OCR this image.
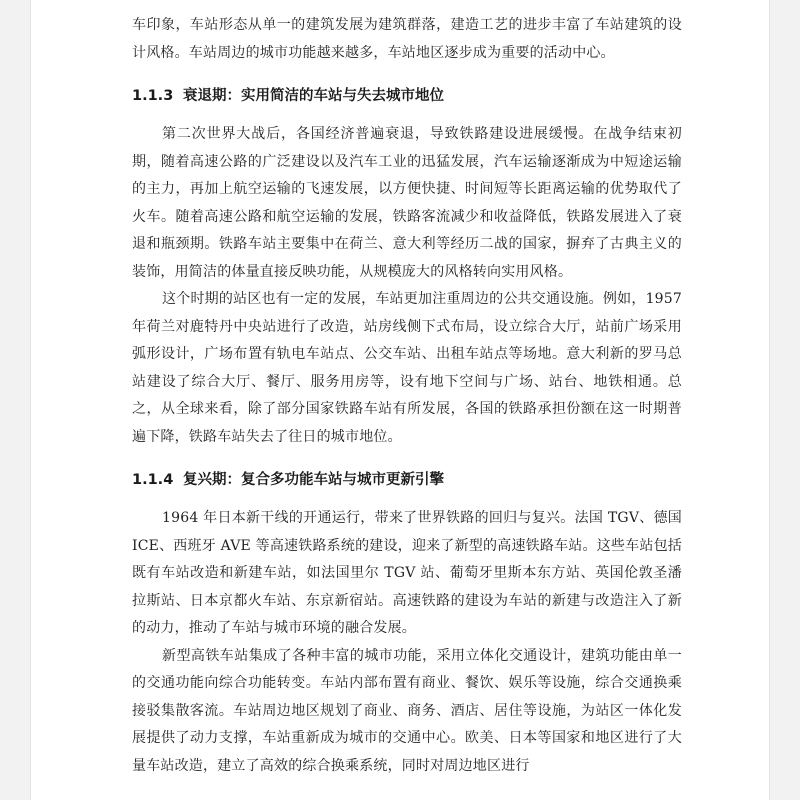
车印象，车站形态从单一的建筑发展为建筑群落，建造工艺的进步丰富了车站建筑的设计风格。车站周边的城市功能越来越多，车站地区逐步成为重要的活动中心。

1.1.3 衰退期：实用简洁的车站与失去城市地位

第二次世界大战后，各国经济普遍衰退，导致铁路建设进展缓慢。在战争结束初期，随着高速公路的广泛建设以及汽车工业的迅猛发展，汽车运输逐渐成为中短途运输的主力，再加上航空运输的飞速发展，以方便快捷、时间短等长距离运输的优势取代了火车。随着高速公路和航空运输的发展，铁路客流减少和收益降低，铁路发展进入了衰退和瓶颈期。铁路车站主要集中在荷兰、意大利等经历二战的国家，摒弃了古典主义的装饰，用简洁的体量直接反映功能，从规模庞大的风格转向实用风格。

这个时期的站区也有一定的发展，车站更加注重周边的公共交通设施。例如，1957 年荷兰对鹿特丹中央站进行了改造，站房线侧下式布局，设立综合大厅，站前广场采用弧形设计，广场布置有轨电车站点、公交车站、出租车站点等场地。意大利新的罗马总站建设了综合大厅、餐厅、服务用房等，设有地下空间与广场、站台、地铁相通。总之，从全球来看，除了部分国家铁路车站有所发展，各国的铁路承担份额在这一时期普遍下降，铁路车站失去了往日的城市地位。

1.1.4 复兴期：复合多功能车站与城市更新引擎

1964 年日本新干线的开通运行，带来了世界铁路的回归与复兴。法国 TGV、德国 ICE、西班牙 AVE 等高速铁路系统的建设，迎来了新型的高速铁路车站。这些车站包括既有车站改造和新建车站，如法国里尔 TGV 站、葡萄牙里斯本东方站、英国伦敦圣潘拉斯站、日本京都火车站、东京新宿站。高速铁路的建设为车站的新建与改造注入了新的动力，推动了车站与城市环境的融合发展。

新型高铁车站集成了各种丰富的城市功能，采用立体化交通设计，建筑功能由单一的交通功能向综合功能转变。车站内部布置有商业、餐饮、娱乐等设施，综合交通换乘接驳集散客流。车站周边地区规划了商业、商务、酒店、居住等设施，为站区一体化发展提供了动力支撑，车站重新成为城市的交通中心。欧美、日本等国家和地区进行了大量车站改造，建立了高效的综合换乘系统，同时对周边地区进行
